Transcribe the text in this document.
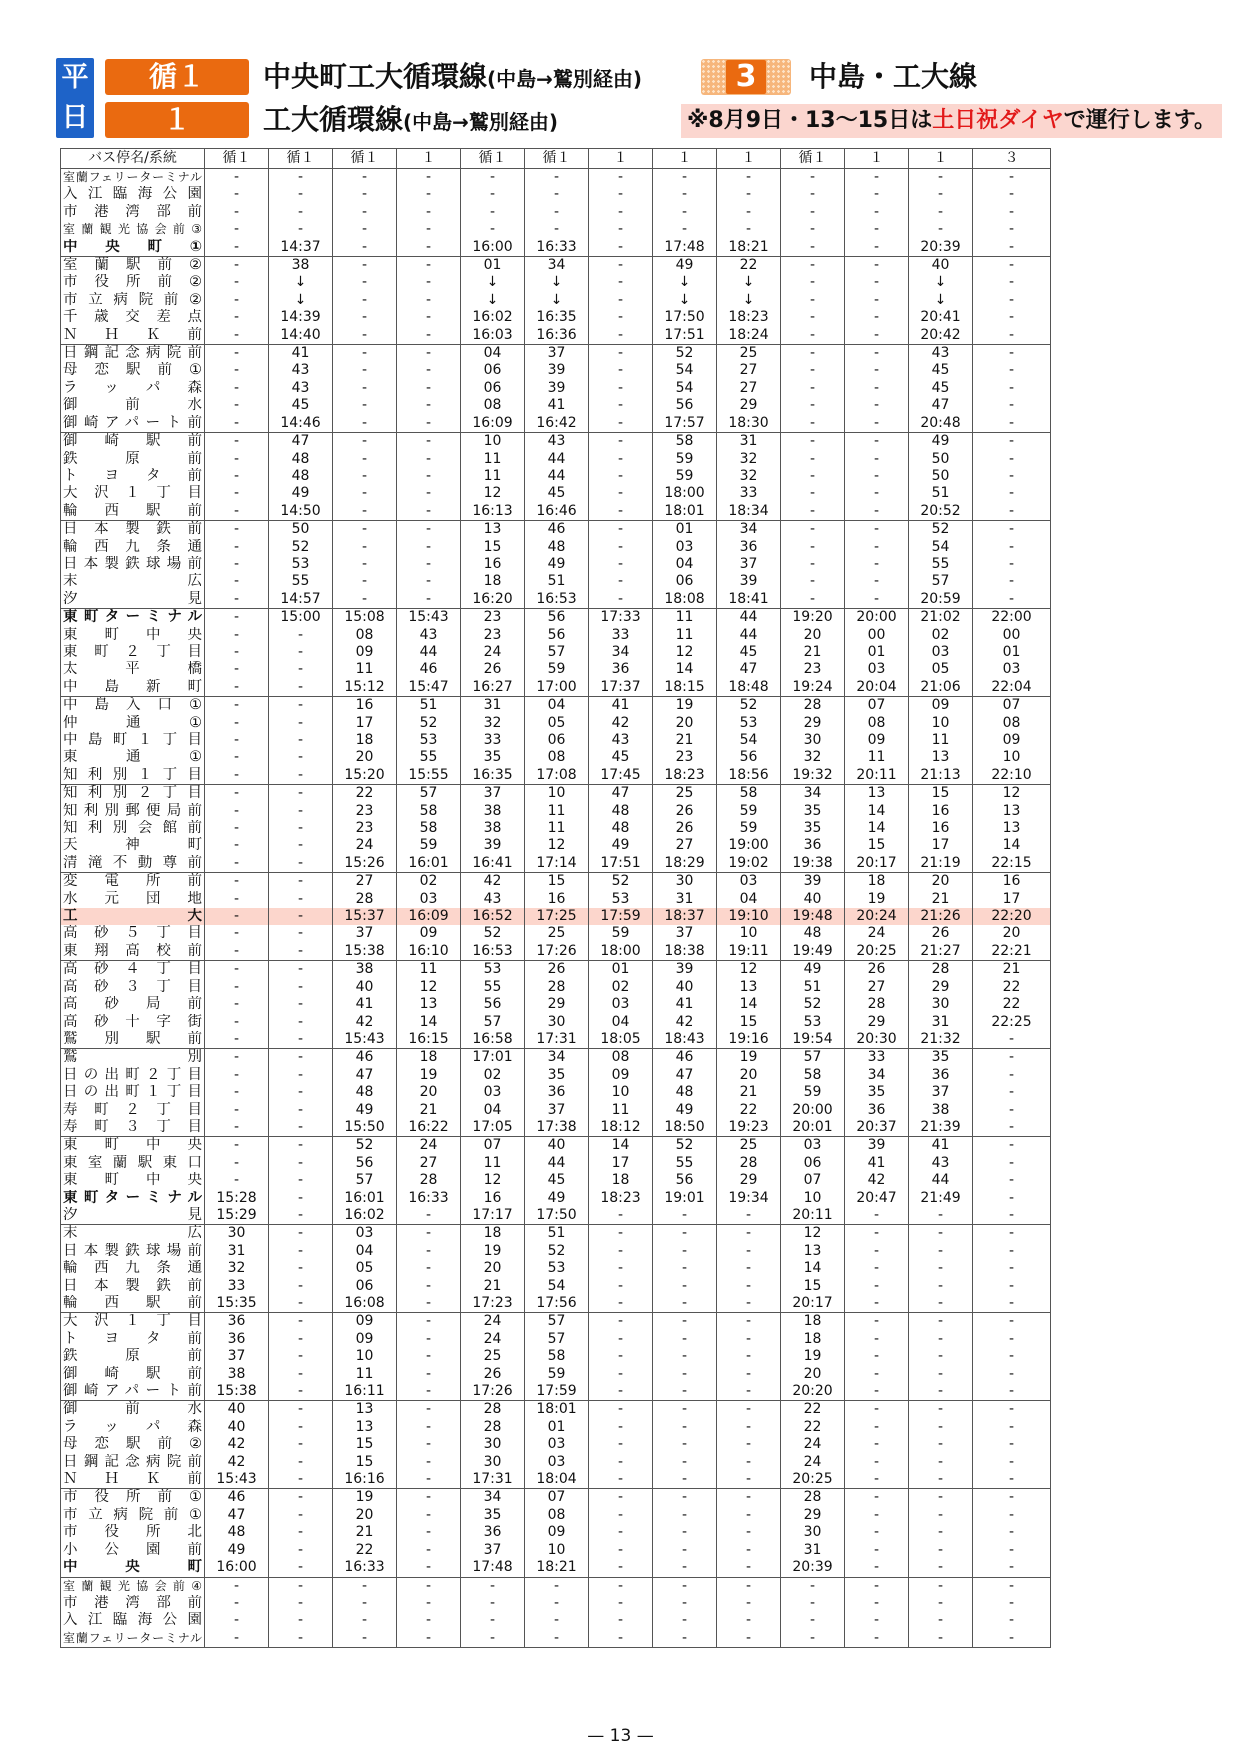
平
日
循１
１
3
中央町工大循環線(中島→鷲別経由)
工大循環線(中島→鷲別経由)
中島・工大線
※8月9日・13〜15日は土日祝ダイヤで運行します。
バス停名/系統	循１	循１	循１	１	循１	循１	１	１	１	循１	１	１	３
室蘭フェリーターミナル	-	-	-	-	-	-	-	-	-	-	-	-	-
入江臨海公園	-	-	-	-	-	-	-	-	-	-	-	-	-
市港湾部前	-	-	-	-	-	-	-	-	-	-	-	-	-
室蘭観光協会前③	-	-	-	-	-	-	-	-	-	-	-	-	-
中央町①	-	14:37	-	-	16:00	16:33	-	17:48	18:21	-	-	20:39	-
室蘭駅前②	-	38	-	-	01	34	-	49	22	-	-	40	-
市役所前②	-	↓	-	-	↓	↓	-	↓	↓	-	-	↓	-
市立病院前②	-	↓	-	-	↓	↓	-	↓	↓	-	-	↓	-
千歳交差点	-	14:39	-	-	16:02	16:35	-	17:50	18:23	-	-	20:41	-
ＮＨＫ前	-	14:40	-	-	16:03	16:36	-	17:51	18:24	-	-	20:42	-
日鋼記念病院前	-	41	-	-	04	37	-	52	25	-	-	43	-
母恋駅前①	-	43	-	-	06	39	-	54	27	-	-	45	-
ラッパ森	-	43	-	-	06	39	-	54	27	-	-	45	-
御前水	-	45	-	-	08	41	-	56	29	-	-	47	-
御崎アパート前	-	14:46	-	-	16:09	16:42	-	17:57	18:30	-	-	20:48	-
御崎駅前	-	47	-	-	10	43	-	58	31	-	-	49	-
鉄原前	-	48	-	-	11	44	-	59	32	-	-	50	-
トヨタ前	-	48	-	-	11	44	-	59	32	-	-	50	-
大沢１丁目	-	49	-	-	12	45	-	18:00	33	-	-	51	-
輪西駅前	-	14:50	-	-	16:13	16:46	-	18:01	18:34	-	-	20:52	-
日本製鉄前	-	50	-	-	13	46	-	01	34	-	-	52	-
輪西九条通	-	52	-	-	15	48	-	03	36	-	-	54	-
日本製鉄球場前	-	53	-	-	16	49	-	04	37	-	-	55	-
末広	-	55	-	-	18	51	-	06	39	-	-	57	-
汐見	-	14:57	-	-	16:20	16:53	-	18:08	18:41	-	-	20:59	-
東町ターミナル	-	15:00	15:08	15:43	23	56	17:33	11	44	19:20	20:00	21:02	22:00
東町中央	-	-	08	43	23	56	33	11	44	20	00	02	00
東町２丁目	-	-	09	44	24	57	34	12	45	21	01	03	01
太平橋	-	-	11	46	26	59	36	14	47	23	03	05	03
中島新町	-	-	15:12	15:47	16:27	17:00	17:37	18:15	18:48	19:24	20:04	21:06	22:04
中島入口①	-	-	16	51	31	04	41	19	52	28	07	09	07
仲通①	-	-	17	52	32	05	42	20	53	29	08	10	08
中島町１丁目	-	-	18	53	33	06	43	21	54	30	09	11	09
東通①	-	-	20	55	35	08	45	23	56	32	11	13	10
知利別１丁目	-	-	15:20	15:55	16:35	17:08	17:45	18:23	18:56	19:32	20:11	21:13	22:10
知利別２丁目	-	-	22	57	37	10	47	25	58	34	13	15	12
知利別郵便局前	-	-	23	58	38	11	48	26	59	35	14	16	13
知利別会館前	-	-	23	58	38	11	48	26	59	35	14	16	13
天神町	-	-	24	59	39	12	49	27	19:00	36	15	17	14
清滝不動尊前	-	-	15:26	16:01	16:41	17:14	17:51	18:29	19:02	19:38	20:17	21:19	22:15
変電所前	-	-	27	02	42	15	52	30	03	39	18	20	16
水元団地	-	-	28	03	43	16	53	31	04	40	19	21	17
工大	-	-	15:37	16:09	16:52	17:25	17:59	18:37	19:10	19:48	20:24	21:26	22:20
高砂５丁目	-	-	37	09	52	25	59	37	10	48	24	26	20
東翔高校前	-	-	15:38	16:10	16:53	17:26	18:00	18:38	19:11	19:49	20:25	21:27	22:21
高砂４丁目	-	-	38	11	53	26	01	39	12	49	26	28	21
高砂３丁目	-	-	40	12	55	28	02	40	13	51	27	29	22
高砂局前	-	-	41	13	56	29	03	41	14	52	28	30	22
高砂十字街	-	-	42	14	57	30	04	42	15	53	29	31	22:25
鷲別駅前	-	-	15:43	16:15	16:58	17:31	18:05	18:43	19:16	19:54	20:30	21:32	-
鷲別	-	-	46	18	17:01	34	08	46	19	57	33	35	-
日の出町２丁目	-	-	47	19	02	35	09	47	20	58	34	36	-
日の出町１丁目	-	-	48	20	03	36	10	48	21	59	35	37	-
寿町２丁目	-	-	49	21	04	37	11	49	22	20:00	36	38	-
寿町３丁目	-	-	15:50	16:22	17:05	17:38	18:12	18:50	19:23	20:01	20:37	21:39	-
東町中央	-	-	52	24	07	40	14	52	25	03	39	41	-
東室蘭駅東口	-	-	56	27	11	44	17	55	28	06	41	43	-
東町中央	-	-	57	28	12	45	18	56	29	07	42	44	-
東町ターミナル	15:28	-	16:01	16:33	16	49	18:23	19:01	19:34	10	20:47	21:49	-
汐見	15:29	-	16:02	-	17:17	17:50	-	-	-	20:11	-	-	-
末広	30	-	03	-	18	51	-	-	-	12	-	-	-
日本製鉄球場前	31	-	04	-	19	52	-	-	-	13	-	-	-
輪西九条通	32	-	05	-	20	53	-	-	-	14	-	-	-
日本製鉄前	33	-	06	-	21	54	-	-	-	15	-	-	-
輪西駅前	15:35	-	16:08	-	17:23	17:56	-	-	-	20:17	-	-	-
大沢１丁目	36	-	09	-	24	57	-	-	-	18	-	-	-
トヨタ前	36	-	09	-	24	57	-	-	-	18	-	-	-
鉄原前	37	-	10	-	25	58	-	-	-	19	-	-	-
御崎駅前	38	-	11	-	26	59	-	-	-	20	-	-	-
御崎アパート前	15:38	-	16:11	-	17:26	17:59	-	-	-	20:20	-	-	-
御前水	40	-	13	-	28	18:01	-	-	-	22	-	-	-
ラッパ森	40	-	13	-	28	01	-	-	-	22	-	-	-
母恋駅前②	42	-	15	-	30	03	-	-	-	24	-	-	-
日鋼記念病院前	42	-	15	-	30	03	-	-	-	24	-	-	-
ＮＨＫ前	15:43	-	16:16	-	17:31	18:04	-	-	-	20:25	-	-	-
市役所前①	46	-	19	-	34	07	-	-	-	28	-	-	-
市立病院前①	47	-	20	-	35	08	-	-	-	29	-	-	-
市役所北	48	-	21	-	36	09	-	-	-	30	-	-	-
小公園前	49	-	22	-	37	10	-	-	-	31	-	-	-
中央町	16:00	-	16:33	-	17:48	18:21	-	-	-	20:39	-	-	-
室蘭観光協会前④	-	-	-	-	-	-	-	-	-	-	-	-	-
市港湾部前	-	-	-	-	-	-	-	-	-	-	-	-	-
入江臨海公園	-	-	-	-	-	-	-	-	-	-	-	-	-
室蘭フェリーターミナル	-	-	-	-	-	-	-	-	-	-	-	-	-
— 13 —
